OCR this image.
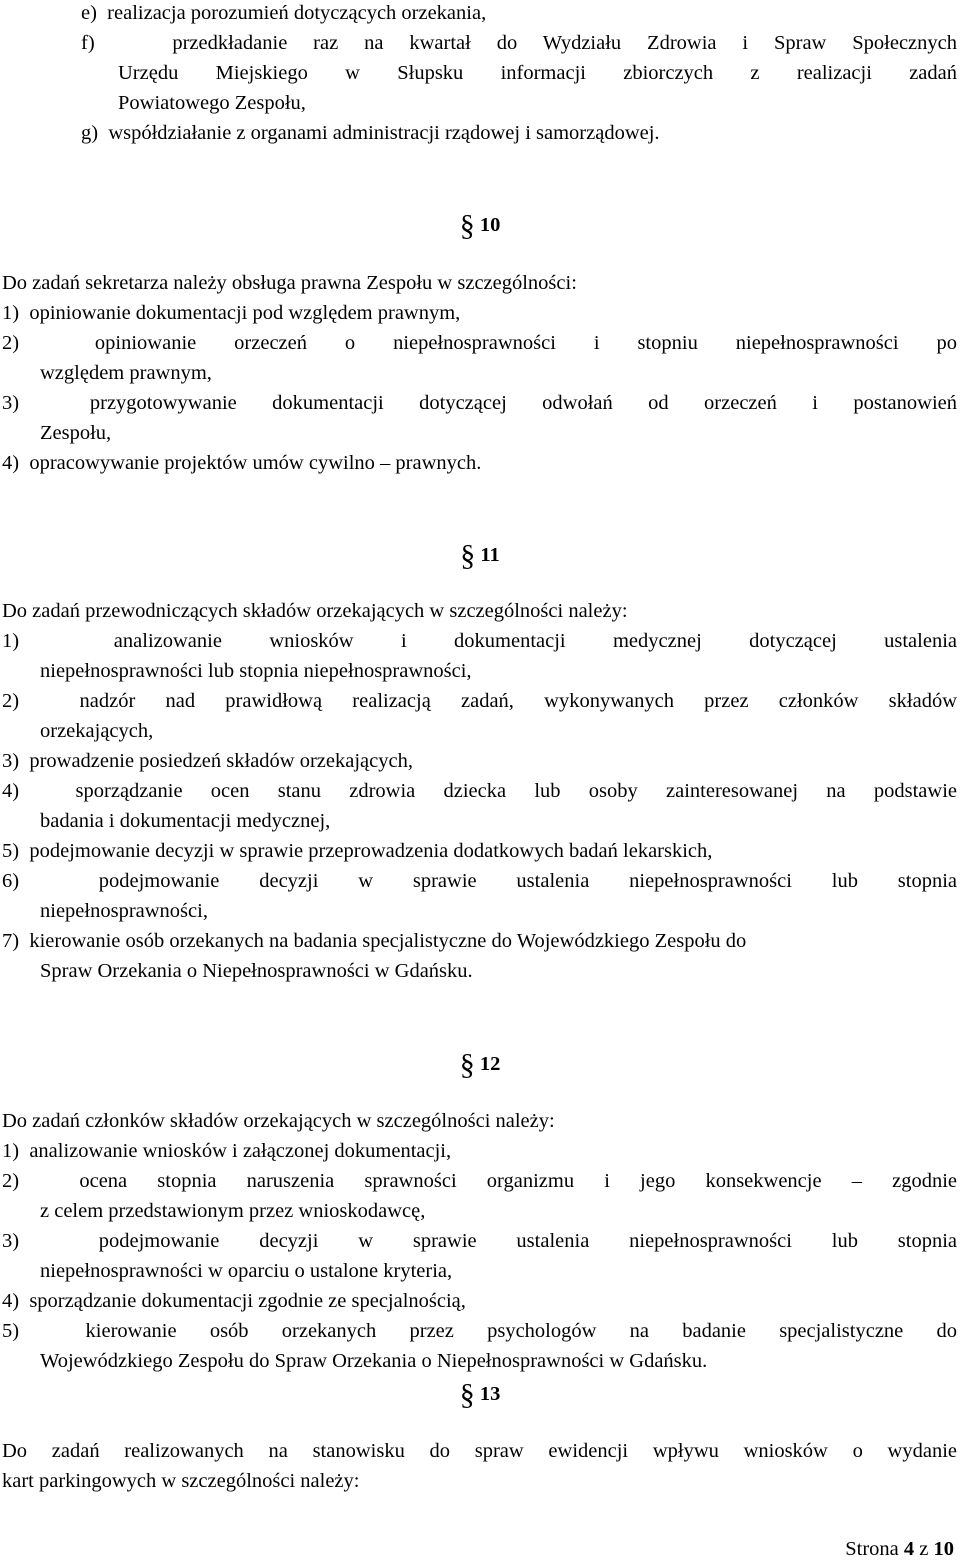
e)  realizacja porozumień dotyczących orzekania,
f)   przedkładanie raz na kwartał do Wydziału Zdrowia i Spraw Społecznych
Urzędu Miejskiego w Słupsku informacji zbiorczych z realizacji zadań
Powiatowego Zespołu,
g)  współdziałanie z organami administracji rządowej i samorządowej.
§ 10
Do zadań sekretarza należy obsługa prawna Zespołu w szczególności:
1)  opiniowanie dokumentacji pod względem prawnym,
2)  opiniowanie orzeczeń o niepełnosprawności i stopniu niepełnosprawności po
względem prawnym,
3)  przygotowywanie dokumentacji dotyczącej odwołań od orzeczeń i postanowień
Zespołu,
4)  opracowywanie projektów umów cywilno – prawnych.
§ 11
Do zadań przewodniczących składów orzekających w szczególności należy:
1)  analizowanie wniosków i dokumentacji medycznej dotyczącej ustalenia
niepełnosprawności lub stopnia niepełnosprawności,
2)  nadzór nad prawidłową realizacją zadań, wykonywanych przez członków składów
orzekających,
3)  prowadzenie posiedzeń składów orzekających,
4)  sporządzanie ocen stanu zdrowia dziecka lub osoby zainteresowanej na podstawie
badania i dokumentacji medycznej,
5)  podejmowanie decyzji w sprawie przeprowadzenia dodatkowych badań lekarskich,
6)  podejmowanie decyzji w sprawie ustalenia niepełnosprawności lub stopnia
niepełnosprawności,
7)  kierowanie osób orzekanych na badania specjalistyczne do Wojewódzkiego Zespołu do
Spraw Orzekania o Niepełnosprawności w Gdańsku.
§ 12
Do zadań członków składów orzekających w szczególności należy:
1)  analizowanie wniosków i załączonej dokumentacji,
2)  ocena stopnia naruszenia sprawności organizmu i jego konsekwencje – zgodnie
z celem przedstawionym przez wnioskodawcę,
3)  podejmowanie decyzji w sprawie ustalenia niepełnosprawności lub stopnia
niepełnosprawności w oparciu o ustalone kryteria,
4)  sporządzanie dokumentacji zgodnie ze specjalnością,
5)  kierowanie osób orzekanych przez psychologów na badanie specjalistyczne do
Wojewódzkiego Zespołu do Spraw Orzekania o Niepełnosprawności w Gdańsku.
§ 13
Do zadań realizowanych na stanowisku do spraw ewidencji wpływu wniosków o wydanie
kart parkingowych w szczególności należy:
Strona 4 z 10
